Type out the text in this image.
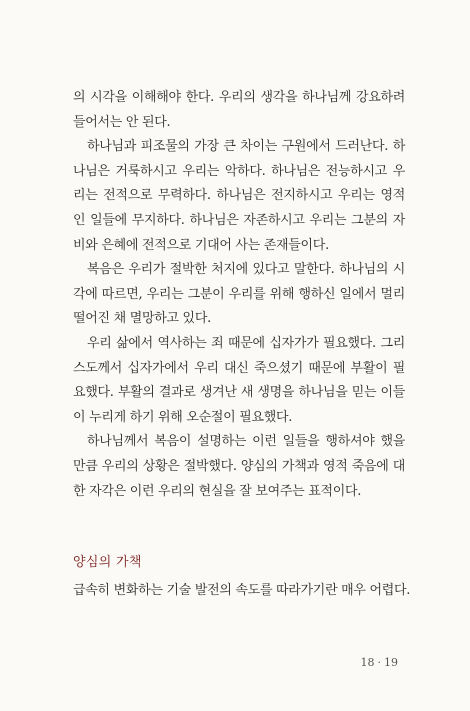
의 시각을 이해해야 한다. 우리의 생각을 하나님께 강요하려 들어서는 안 된다.

하나님과 피조물의 가장 큰 차이는 구원에서 드러난다. 하나님은 거룩하시고 우리는 악하다. 하나님은 전능하시고 우리는 전적으로 무력하다. 하나님은 전지하시고 우리는 영적인 일들에 무지하다. 하나님은 자존하시고 우리는 그분의 자비와 은혜에 전적으로 기대어 사는 존재들이다.

복음은 우리가 절박한 처지에 있다고 말한다. 하나님의 시각에 따르면, 우리는 그분이 우리를 위해 행하신 일에서 멀리 떨어진 채 멸망하고 있다.

우리 삶에서 역사하는 죄 때문에 십자가가 필요했다. 그리스도께서 십자가에서 우리 대신 죽으셨기 때문에 부활이 필요했다. 부활의 결과로 생겨난 새 생명을 하나님을 믿는 이들이 누리게 하기 위해 오순절이 필요했다.

하나님께서 복음이 설명하는 이런 일들을 행하셔야 했을 만큼 우리의 상황은 절박했다. 양심의 가책과 영적 죽음에 대한 자각은 이런 우리의 현실을 잘 보여주는 표적이다.

양심의 가책

급속히 변화하는 기술 발전의 속도를 따라가기란 매우 어렵다.

18 · 19
